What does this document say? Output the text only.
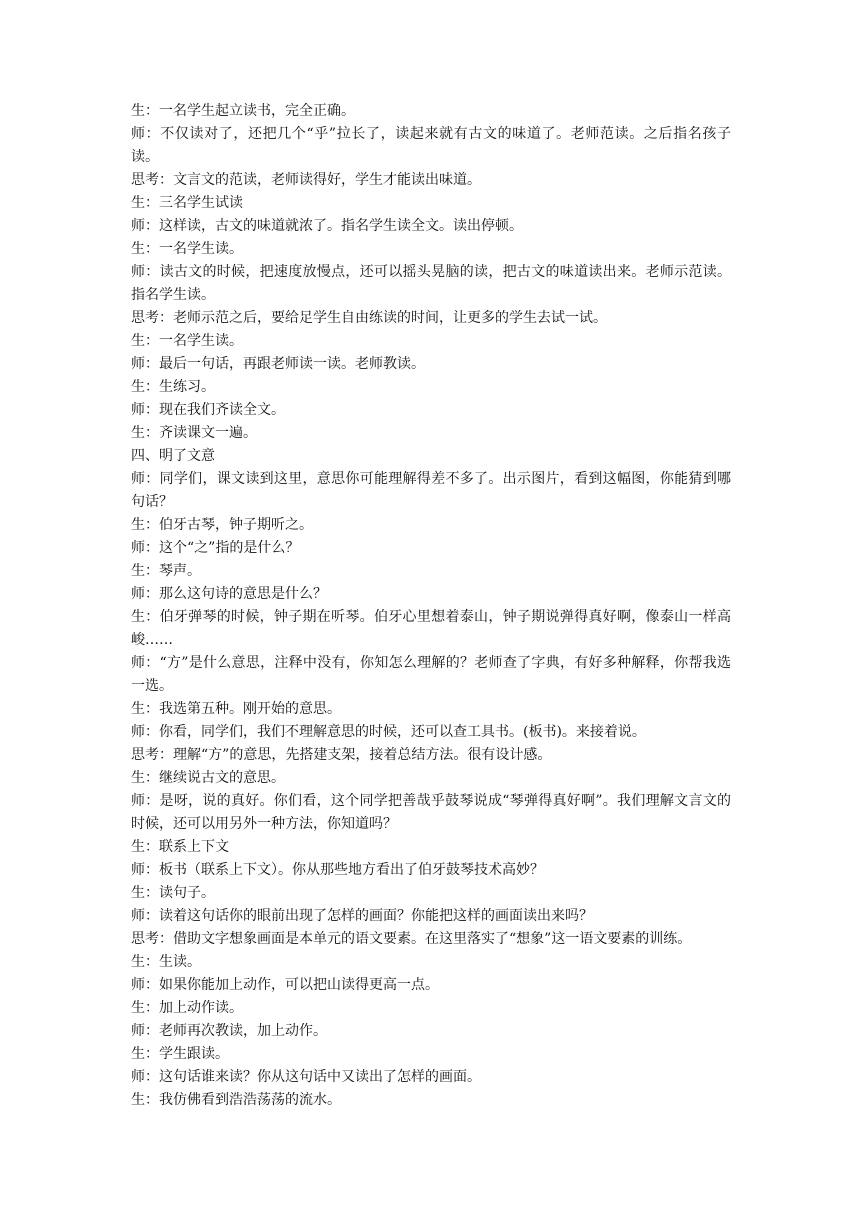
生：一名学生起立读书，完全正确。

师：不仅读对了，还把几个“乎”拉长了，读起来就有古文的味道了。老师范读。之后指名孩子读。

思考：文言文的范读，老师读得好，学生才能读出味道。

生：三名学生试读

师：这样读，古文的味道就浓了。指名学生读全文。读出停顿。

生：一名学生读。

师：读古文的时候，把速度放慢点，还可以摇头晃脑的读，把古文的味道读出来。老师示范读。指名学生读。

思考：老师示范之后，要给足学生自由练读的时间，让更多的学生去试一试。

生：一名学生读。

师：最后一句话，再跟老师读一读。老师教读。

生：生练习。

师：现在我们齐读全文。

生：齐读课文一遍。

四、明了文意

师：同学们，课文读到这里，意思你可能理解得差不多了。出示图片，看到这幅图，你能猜到哪句话？

生：伯牙古琴，钟子期听之。

师：这个“之”指的是什么？

生：琴声。

师：那么这句诗的意思是什么？

生：伯牙弹琴的时候，钟子期在听琴。伯牙心里想着泰山，钟子期说弹得真好啊，像泰山一样高峻……

师：“方”是什么意思，注释中没有，你知怎么理解的？老师查了字典，有好多种解释，你帮我选一选。

生：我选第五种。刚开始的意思。

师：你看，同学们，我们不理解意思的时候，还可以查工具书。(板书)。来接着说。

思考：理解“方”的意思，先搭建支架，接着总结方法。很有设计感。

生：继续说古文的意思。

师：是呀，说的真好。你们看，这个同学把善哉乎鼓琴说成“琴弹得真好啊”。我们理解文言文的时候，还可以用另外一种方法，你知道吗？

生：联系上下文

师：板书（联系上下文）。你从那些地方看出了伯牙鼓琴技术高妙？

生：读句子。

师：读着这句话你的眼前出现了怎样的画面？你能把这样的画面读出来吗？

思考：借助文字想象画面是本单元的语文要素。在这里落实了“想象”这一语文要素的训练。

生：生读。

师：如果你能加上动作，可以把山读得更高一点。

生：加上动作读。

师：老师再次教读，加上动作。

生：学生跟读。

师：这句话谁来读？你从这句话中又读出了怎样的画面。

生：我仿佛看到浩浩荡荡的流水。
